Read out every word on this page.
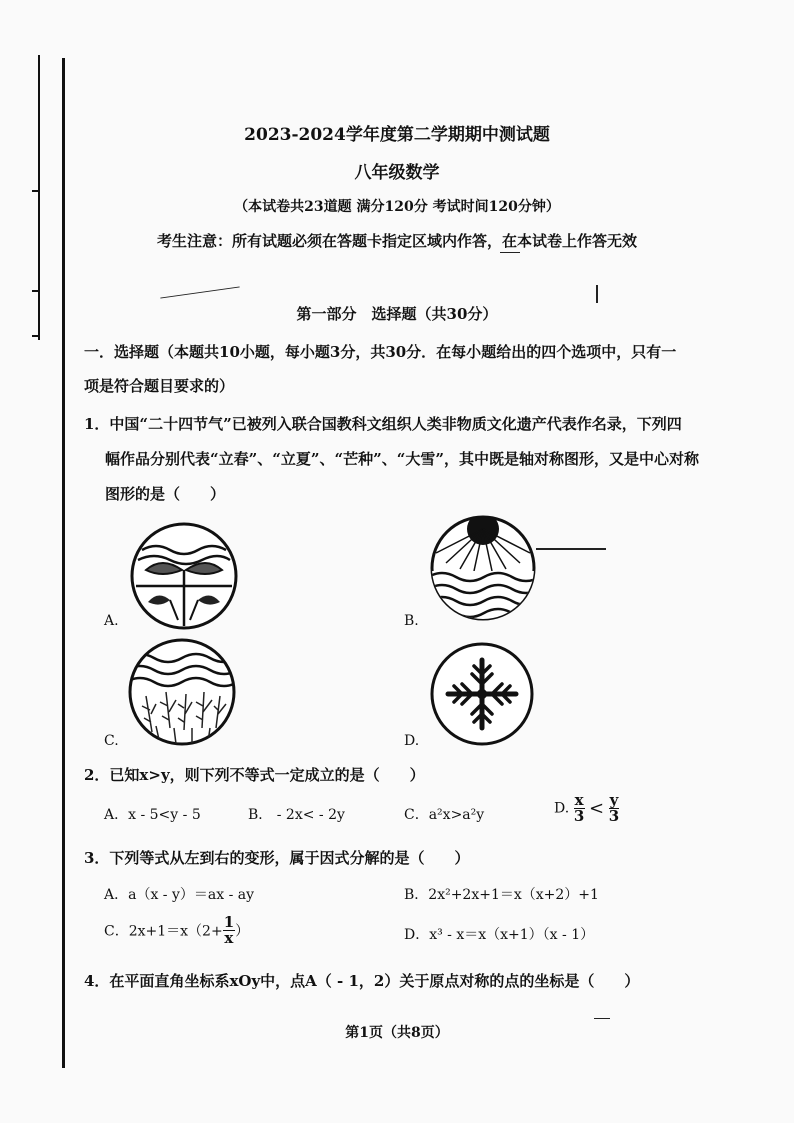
2023-2024学年度第二学期期中测试题
八年级数学
（本试卷共23道题 满分120分 考试时间120分钟）
考生注意：所有试题必须在答题卡指定区域内作答，在本试卷上作答无效
第一部分　选择题（共30分）
一．选择题（本题共10小题，每小题3分，共30分．在每小题给出的四个选项中，只有一
项是符合题目要求的）
1．中国“二十四节气”已被列入联合国教科文组织人类非物质文化遗产代表作名录，下列四
幅作品分别代表“立春”、“立夏”、“芒种”、“大雪”，其中既是轴对称图形，又是中心对称
图形的是（　　）
A.	B.
C.	D.
2．已知x>y，则下列不等式一定成立的是（　　）
A．x - 5<y - 5	B． - 2x< - 2y	C．a²x>a²y	D. $\frac{x}{3} < \frac{y}{3}$
3．下列等式从左到右的变形，属于因式分解的是（　　）
A．a（x - y）＝ax - ay	B．2x²+2x+1＝x（x+2）+1
C．$2x+1=x(2+ \frac{1}{x}$ ）	D．x³ - x＝x（x+1）（x - 1）
4．在平面直角坐标系xOy中，点A（ - 1，2）关于原点对称的点的坐标是（　　）
第1页（共8页）
